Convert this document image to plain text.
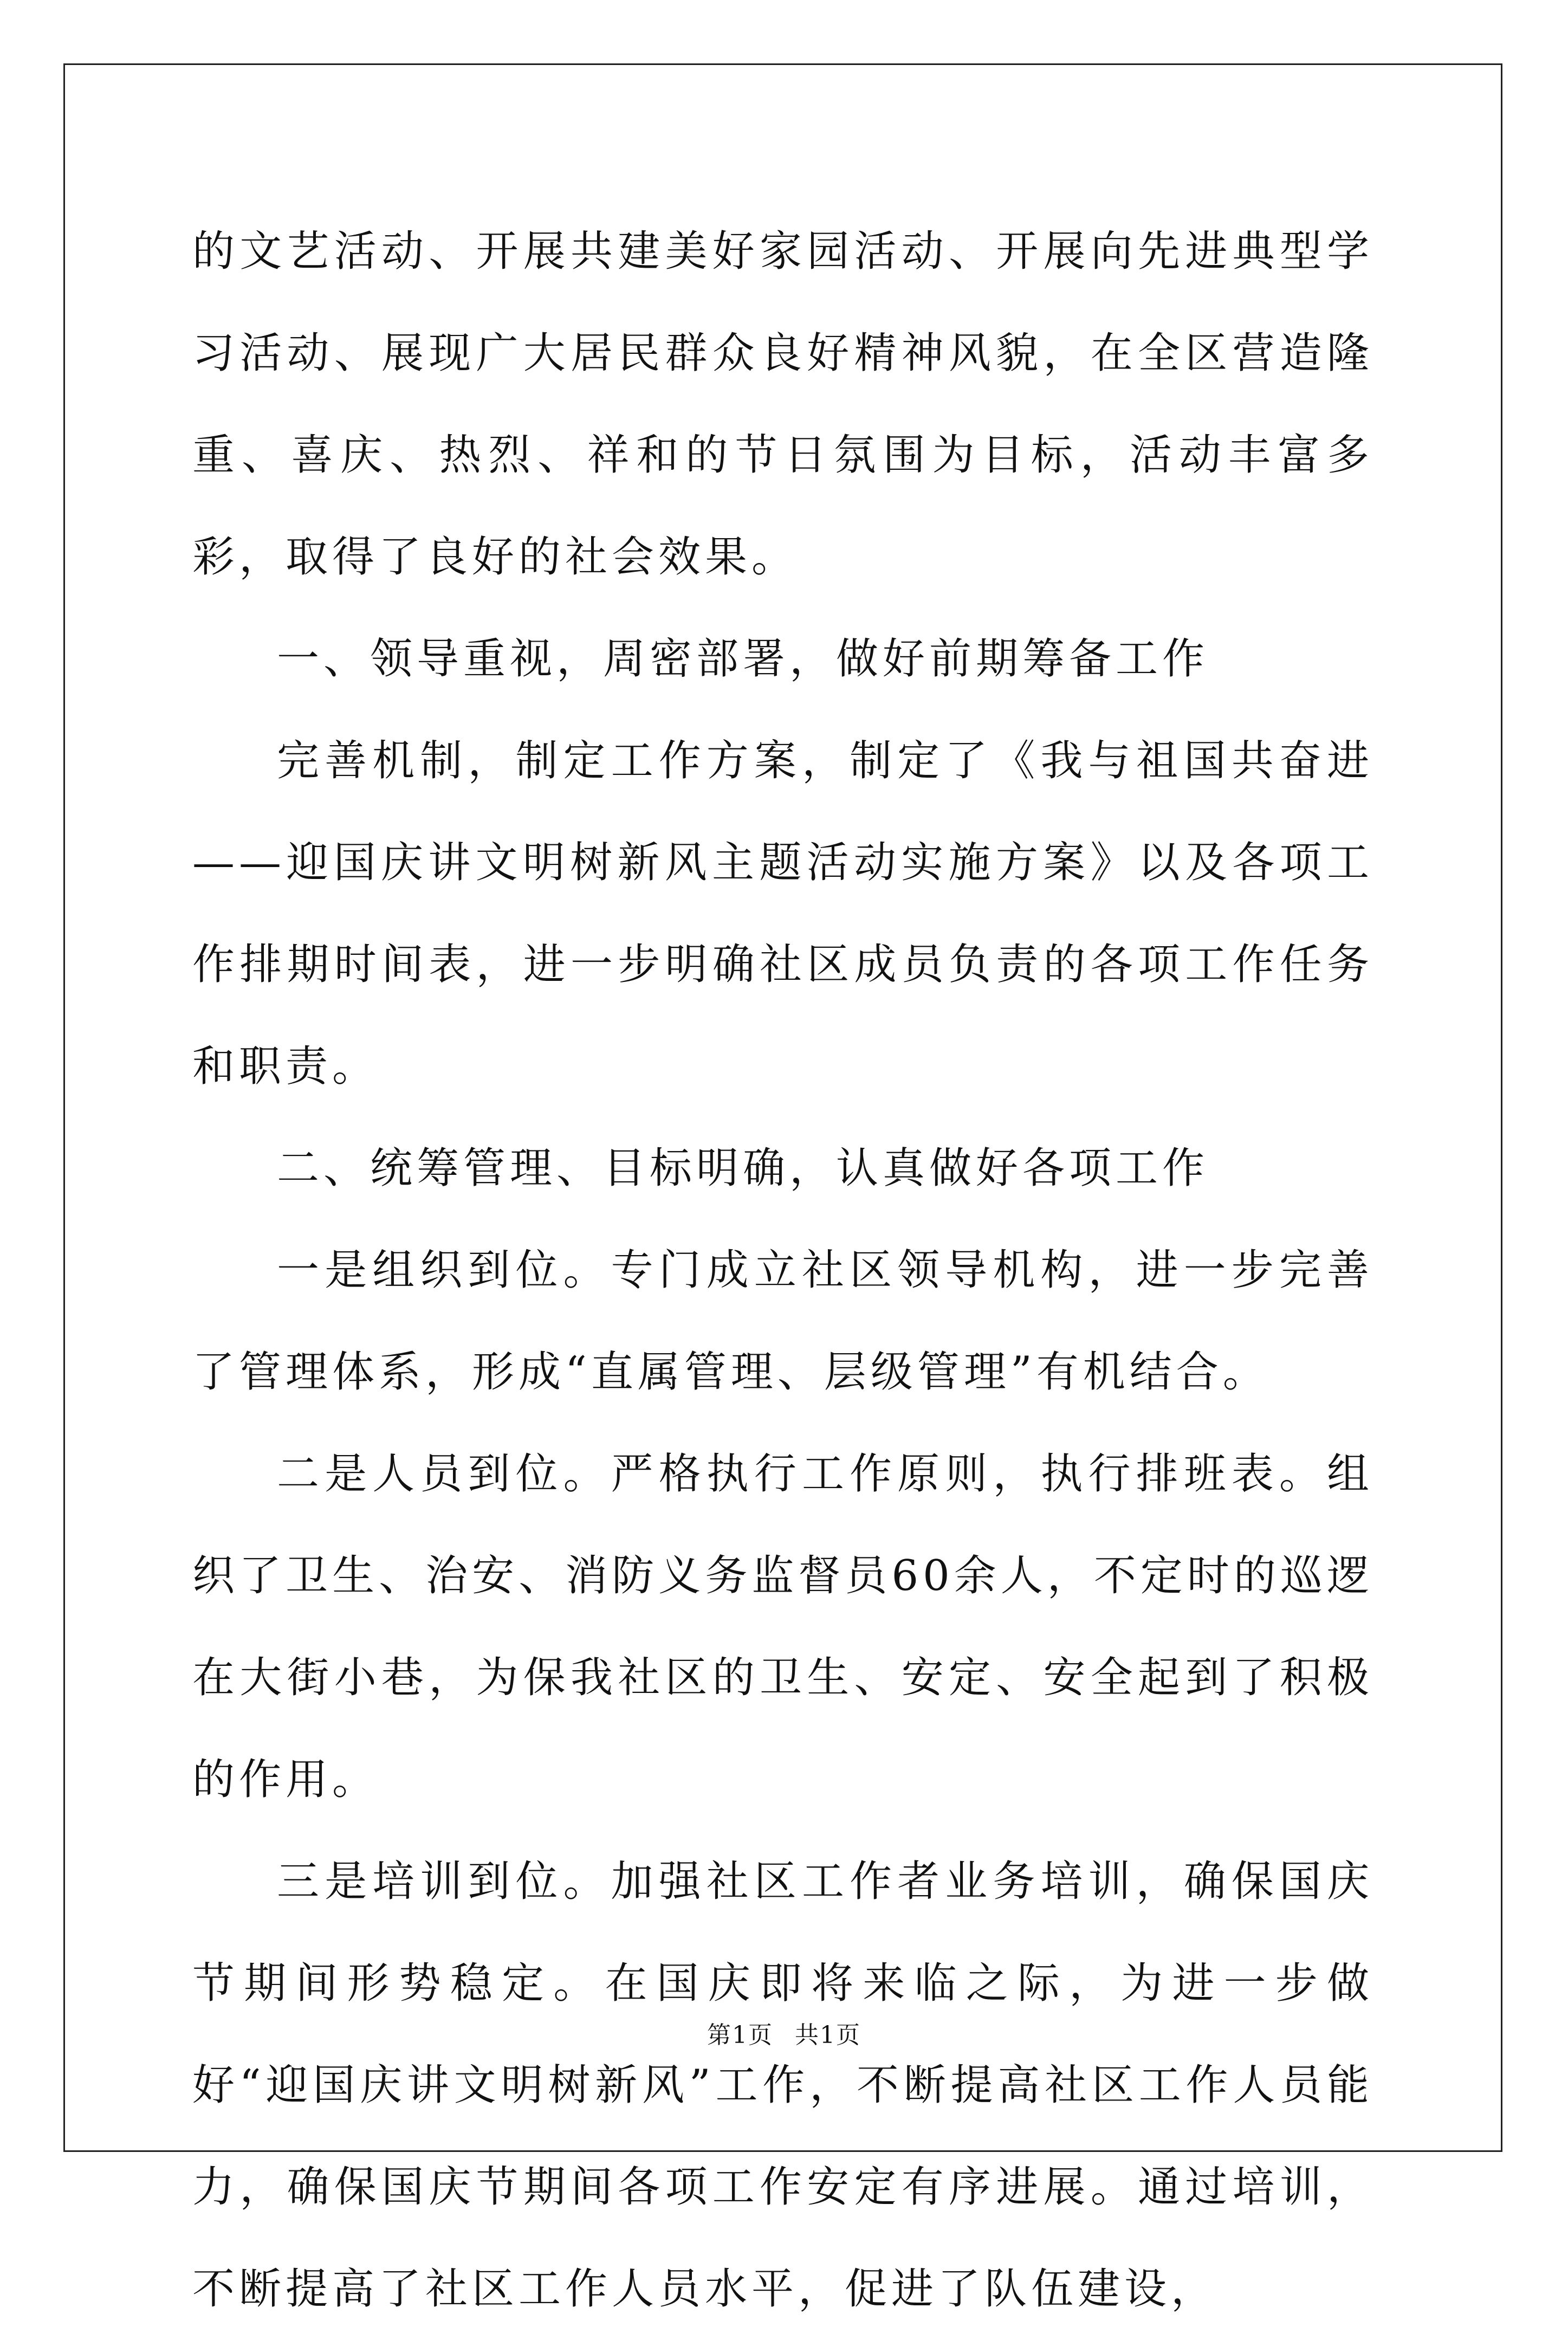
的文艺活动、开展共建美好家园活动、开展向先进典型学习活动、展现广大居民群众良好精神风貌，在全区营造隆重、喜庆、热烈、祥和的节日氛围为目标，活动丰富多彩，取得了良好的社会效果。

一、领导重视，周密部署，做好前期筹备工作

完善机制，制定工作方案，制定了《我与祖国共奋进——迎国庆讲文明树新风主题活动实施方案》以及各项工作排期时间表，进一步明确社区成员负责的各项工作任务和职责。

二、统筹管理、目标明确，认真做好各项工作

一是组织到位。专门成立社区领导机构，进一步完善了管理体系，形成“直属管理、层级管理”有机结合。

二是人员到位。严格执行工作原则，执行排班表。组织了卫生、治安、消防义务监督员60余人，不定时的巡逻在大街小巷，为保我社区的卫生、安定、安全起到了积极的作用。

三是培训到位。加强社区工作者业务培训，确保国庆节期间形势稳定。在国庆即将来临之际，为进一步做好“迎国庆讲文明树新风”工作，不断提高社区工作人员能力，确保国庆节期间各项工作安定有序进展。通过培训，不断提高了社区工作人员水平，促进了队伍建设，

第1页 共1页
